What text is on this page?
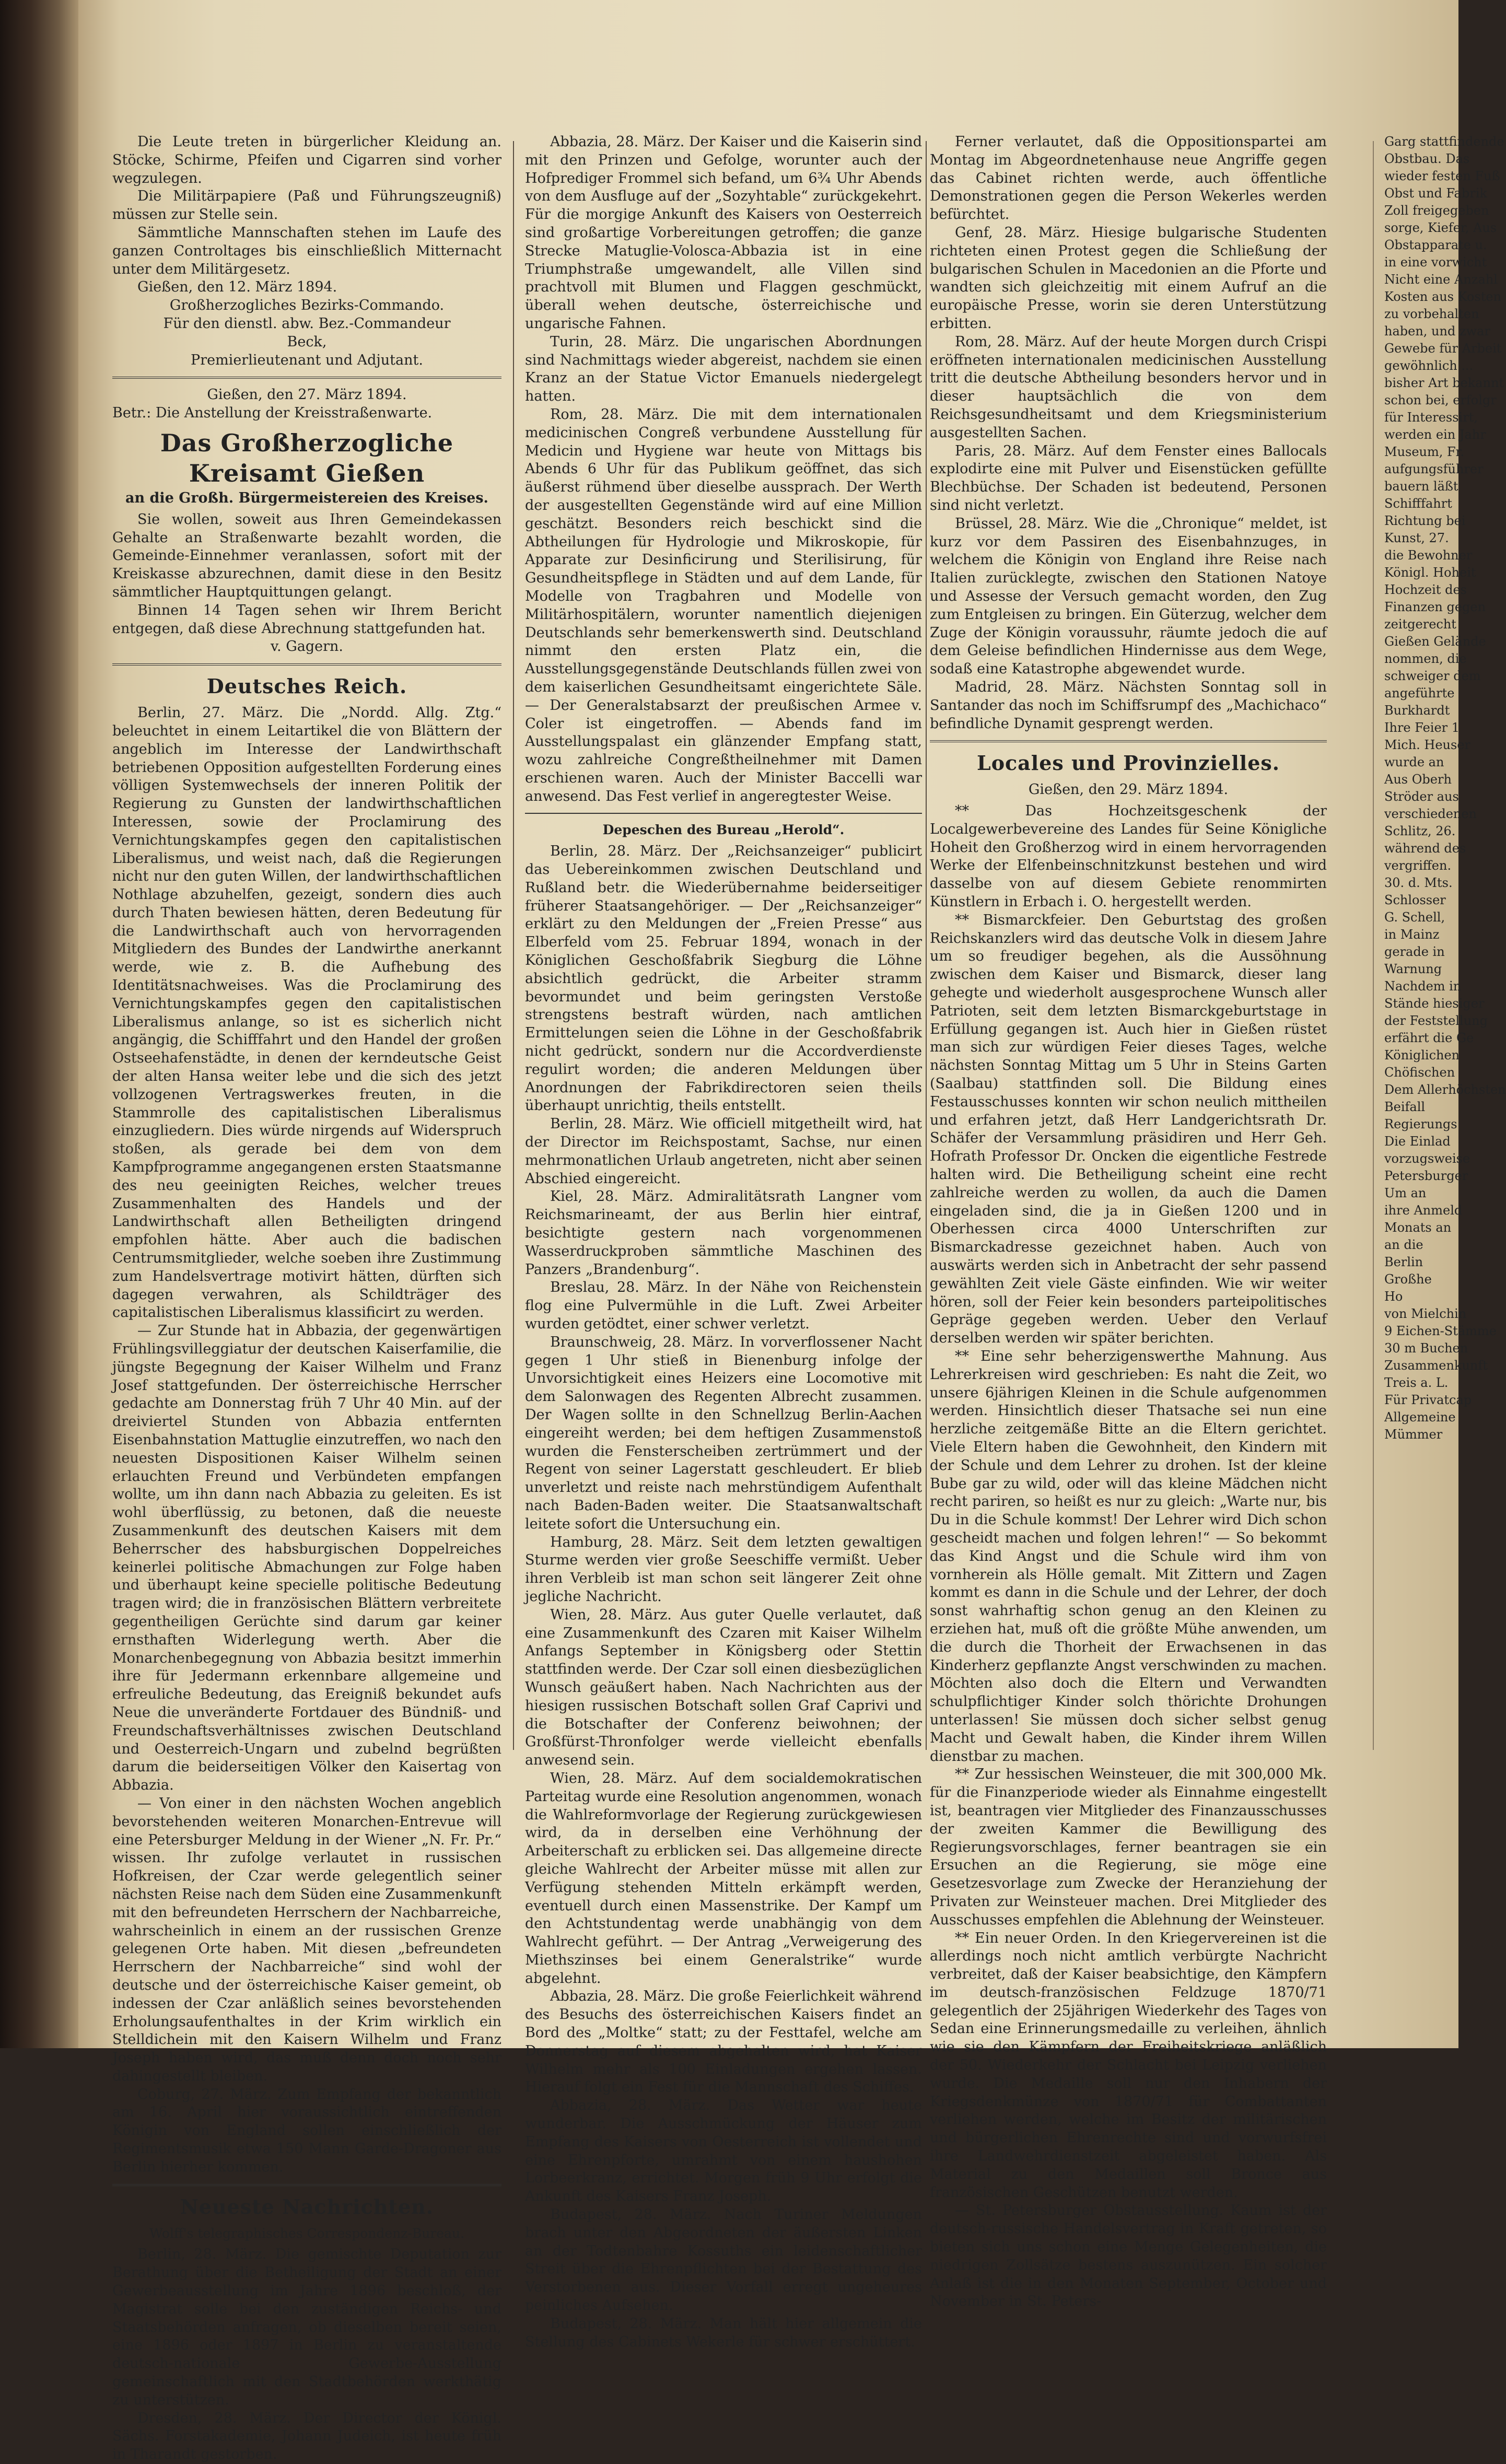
Die Leute treten in bürgerlicher Kleidung an. Stöcke, Schirme, Pfeifen und Cigarren sind vorher wegzulegen.

Die Militärpapiere (Paß und Führungszeugniß) müssen zur Stelle sein.

Sämmtliche Mannschaften stehen im Laufe des ganzen Controltages bis einschließlich Mitternacht unter dem Militärgesetz.

Gießen, den 12. März 1894.

Großherzogliches Bezirks-Commando.

Für den dienstl. abw. Bez.-Commandeur

Beck,

Premierlieutenant und Adjutant.

Gießen, den 27. März 1894.

Betr.: Die Anstellung der Kreisstraßenwarte.

Das Großherzogliche Kreisamt Gießen
an die Großh. Bürgermeistereien des Kreises.

Sie wollen, soweit aus Ihren Gemeindekassen Gehalte an Straßenwarte bezahlt worden, die Gemeinde-Einnehmer veranlassen, sofort mit der Kreiskasse abzurechnen, damit diese in den Besitz sämmtlicher Hauptquittungen gelangt.

Binnen 14 Tagen sehen wir Ihrem Bericht entgegen, daß diese Abrechnung stattgefunden hat.

v. Gagern.

Deutsches Reich.

Berlin, 27. März. Die „Nordd. Allg. Ztg.“ beleuchtet in einem Leitartikel die von Blättern der angeblich im Interesse der Landwirthschaft betriebenen Opposition aufgestellten Forderung eines völligen Systemwechsels der inneren Politik der Regierung zu Gunsten der landwirthschaftlichen Interessen, sowie der Proclamirung des Vernichtungskampfes gegen den capitalistischen Liberalismus, und weist nach, daß die Regierungen nicht nur den guten Willen, der landwirthschaftlichen Nothlage abzuhelfen, gezeigt, sondern dies auch durch Thaten bewiesen hätten, deren Bedeutung für die Landwirthschaft auch von hervorragenden Mitgliedern des Bundes der Landwirthe anerkannt werde, wie z. B. die Aufhebung des Identitätsnachweises. Was die Proclamirung des Vernichtungskampfes gegen den capitalistischen Liberalismus anlange, so ist es sicherlich nicht angängig, die Schifffahrt und den Handel der großen Ostseehafenstädte, in denen der kerndeutsche Geist der alten Hansa weiter lebe und die sich des jetzt vollzogenen Vertragswerkes freuten, in die Stammrolle des capitalistischen Liberalismus einzugliedern. Dies würde nirgends auf Widerspruch stoßen, als gerade bei dem von dem Kampfprogramme angegangenen ersten Staatsmanne des neu geeinigten Reiches, welcher treues Zusammenhalten des Handels und der Landwirthschaft allen Betheiligten dringend empfohlen hätte. Aber auch die badischen Centrumsmitglieder, welche soeben ihre Zustimmung zum Handelsvertrage motivirt hätten, dürften sich dagegen verwahren, als Schildträger des capitalistischen Liberalismus klassificirt zu werden.

— Zur Stunde hat in Abbazia, der gegenwärtigen Frühlingsvilleggiatur der deutschen Kaiserfamilie, die jüngste Begegnung der Kaiser Wilhelm und Franz Josef stattgefunden. Der österreichische Herrscher gedachte am Donnerstag früh 7 Uhr 40 Min. auf der dreiviertel Stunden von Abbazia entfernten Eisenbahnstation Mattuglie einzutreffen, wo nach den neuesten Dispositionen Kaiser Wilhelm seinen erlauchten Freund und Verbündeten empfangen wollte, um ihn dann nach Abbazia zu geleiten. Es ist wohl überflüssig, zu betonen, daß die neueste Zusammenkunft des deutschen Kaisers mit dem Beherrscher des habsburgischen Doppelreiches keinerlei politische Abmachungen zur Folge haben und überhaupt keine specielle politische Bedeutung tragen wird; die in französischen Blättern verbreitete gegentheiligen Gerüchte sind darum gar keiner ernsthaften Widerlegung werth. Aber die Monarchenbegegnung von Abbazia besitzt immerhin ihre für Jedermann erkennbare allgemeine und erfreuliche Bedeutung, das Ereigniß bekundet aufs Neue die unveränderte Fortdauer des Bündniß- und Freundschaftsverhältnisses zwischen Deutschland und Oesterreich-Ungarn und zubelnd begrüßten darum die beiderseitigen Völker den Kaisertag von Abbazia.

— Von einer in den nächsten Wochen angeblich bevorstehenden weiteren Monarchen-Entrevue will eine Petersburger Meldung in der Wiener „N. Fr. Pr.“ wissen. Ihr zufolge verlautet in russischen Hofkreisen, der Czar werde gelegentlich seiner nächsten Reise nach dem Süden eine Zusammenkunft mit den befreundeten Herrschern der Nachbarreiche, wahrscheinlich in einem an der russischen Grenze gelegenen Orte haben. Mit diesen „befreundeten Herrschern der Nachbarreiche“ sind wohl der deutsche und der österreichische Kaiser gemeint, ob indessen der Czar anläßlich seines bevorstehenden Erholungsaufenthaltes in der Krim wirklich ein Stelldichein mit den Kaisern Wilhelm und Franz Joseph haben wird, das muß denn doch noch sehr dahingestellt bleiben.

Coburg, 27. März. Zum Empfang der bekanntlich am 16. April hier voraussichtlich eintreffenden Königin von England sollen einschließlich der Regimentsmusik etwa 150 Mann Garde-Dragoner aus Berlin hierher kommen.

Neueste Nachrichten.
Wolff's telegraphisches Correspondenz-Bureau.

Berlin, 28. März. Die gemischte Deputation zur Berathung über die Betheiligung der Stadt an einer Gewerbeausstellung im Jahre 1896 beschloß, der Magistrat solle bei den zuständigen Reichs- und Staatsbehörden anfragen, ob dieselben bereit seien, eine 1896 oder 1897 in Berlin zu veranstaltende deutsch-nationale Gewerbe-Ausstellung gemeinschaftlich mit den Stadtbehörden werkthätig zu unterstützen.

Dresden, 28. März. Der Director der Königl. Sächs. Forstakademie, Johann Judeich, ist heute früh in Tharandt gestorben.

Abbazia, 28. März. Der Kaiser und die Kaiserin sind mit den Prinzen und Gefolge, worunter auch der Hofprediger Frommel sich befand, um 6¾ Uhr Abends von dem Ausfluge auf der „Sozyhtable“ zurückgekehrt. Für die morgige Ankunft des Kaisers von Oesterreich sind großartige Vorbereitungen getroffen; die ganze Strecke Matuglie-Volosca-Abbazia ist in eine Triumphstraße umgewandelt, alle Villen sind prachtvoll mit Blumen und Flaggen geschmückt, überall wehen deutsche, österreichische und ungarische Fahnen.

Turin, 28. März. Die ungarischen Abordnungen sind Nachmittags wieder abgereist, nachdem sie einen Kranz an der Statue Victor Emanuels niedergelegt hatten.

Rom, 28. März. Die mit dem internationalen medicinischen Congreß verbundene Ausstellung für Medicin und Hygiene war heute von Mittags bis Abends 6 Uhr für das Publikum geöffnet, das sich äußerst rühmend über dieselbe aussprach. Der Werth der ausgestellten Gegenstände wird auf eine Million geschätzt. Besonders reich beschickt sind die Abtheilungen für Hydrologie und Mikroskopie, für Apparate zur Desinficirung und Sterilisirung, für Gesundheitspflege in Städten und auf dem Lande, für Modelle von Tragbahren und Modelle von Militärhospitälern, worunter namentlich diejenigen Deutschlands sehr bemerkenswerth sind. Deutschland nimmt den ersten Platz ein, die Ausstellungsgegenstände Deutschlands füllen zwei von dem kaiserlichen Gesundheitsamt eingerichtete Säle. — Der Generalstabsarzt der preußischen Armee v. Coler ist eingetroffen. — Abends fand im Ausstellungspalast ein glänzender Empfang statt, wozu zahlreiche Congreßtheilnehmer mit Damen erschienen waren. Auch der Minister Baccelli war anwesend. Das Fest verlief in angeregtester Weise.

Depeschen des Bureau „Herold“.

Berlin, 28. März. Der „Reichsanzeiger“ publicirt das Uebereinkommen zwischen Deutschland und Rußland betr. die Wiederübernahme beiderseitiger früherer Staatsangehöriger. — Der „Reichsanzeiger“ erklärt zu den Meldungen der „Freien Presse“ aus Elberfeld vom 25. Februar 1894, wonach in der Königlichen Geschoßfabrik Siegburg die Löhne absichtlich gedrückt, die Arbeiter stramm bevormundet und beim geringsten Verstoße strengstens bestraft würden, nach amtlichen Ermittelungen seien die Löhne in der Geschoßfabrik nicht gedrückt, sondern nur die Accordverdienste regulirt worden; die anderen Meldungen über Anordnungen der Fabrikdirectoren seien theils überhaupt unrichtig, theils entstellt.

Berlin, 28. März. Wie officiell mitgetheilt wird, hat der Director im Reichspostamt, Sachse, nur einen mehrmonatlichen Urlaub angetreten, nicht aber seinen Abschied eingereicht.

Kiel, 28. März. Admiralitätsrath Langner vom Reichsmarineamt, der aus Berlin hier eintraf, besichtigte gestern nach vorgenommenen Wasserdruckproben sämmtliche Maschinen des Panzers „Brandenburg“.

Breslau, 28. März. In der Nähe von Reichenstein flog eine Pulvermühle in die Luft. Zwei Arbeiter wurden getödtet, einer schwer verletzt.

Braunschweig, 28. März. In vorverflossener Nacht gegen 1 Uhr stieß in Bienenburg infolge der Unvorsichtigkeit eines Heizers eine Locomotive mit dem Salonwagen des Regenten Albrecht zusammen. Der Wagen sollte in den Schnellzug Berlin-Aachen eingereiht werden; bei dem heftigen Zusammenstoß wurden die Fensterscheiben zertrümmert und der Regent von seiner Lagerstatt geschleudert. Er blieb unverletzt und reiste nach mehrstündigem Aufenthalt nach Baden-Baden weiter. Die Staatsanwaltschaft leitete sofort die Untersuchung ein.

Hamburg, 28. März. Seit dem letzten gewaltigen Sturme werden vier große Seeschiffe vermißt. Ueber ihren Verbleib ist man schon seit längerer Zeit ohne jegliche Nachricht.

Wien, 28. März. Aus guter Quelle verlautet, daß eine Zusammenkunft des Czaren mit Kaiser Wilhelm Anfangs September in Königsberg oder Stettin stattfinden werde. Der Czar soll einen diesbezüglichen Wunsch geäußert haben. Nach Nachrichten aus der hiesigen russischen Botschaft sollen Graf Caprivi und die Botschafter der Conferenz beiwohnen; der Großfürst-Thronfolger werde vielleicht ebenfalls anwesend sein.

Wien, 28. März. Auf dem socialdemokratischen Parteitag wurde eine Resolution angenommen, wonach die Wahlreformvorlage der Regierung zurückgewiesen wird, da in derselben eine Verhöhnung der Arbeiterschaft zu erblicken sei. Das allgemeine directe gleiche Wahlrecht der Arbeiter müsse mit allen zur Verfügung stehenden Mitteln erkämpft werden, eventuell durch einen Massenstrike. Der Kampf um den Achtstundentag werde unabhängig von dem Wahlrecht geführt. — Der Antrag „Verweigerung des Miethszinses bei einem Generalstrike“ wurde abgelehnt.

Abbazia, 28. März. Die große Feierlichkeit während des Besuchs des österreichischen Kaisers findet an Bord des „Moltke“ statt; zu der Festtafel, welche am Donnerstag auf diesem abgehalten wird, hat Kaiser Wilhelm mehr als 100 Einladungen ergehen lassen. Hierauf folgt ein Fest für die Mannschaft des Schiffes.

Abbazia, 28. März. Das Wetter war heute wunderbar. Die Ausschmückung der Häuser zum Empfang des Kaisers von Oesterreich ist vollendet und eine Ehrenpforte, umrahmt von einem haushohen Lorbeerkranz, errichtet. Morgen früh 9 Uhr erfolgt die Ankunft des Kaisers Franz Joseph.

Budapest, 28. März. Nach Turiner Meldungen brach unter den Abgeordneten der äußersten Linken an der Todtenbahre Kossuths ein leidenschaftlicher Streit über die Ehrenpflichten bei der Bestattung des Verstorbenen aus. Dieser Vorfall erregt ungeheures peinliches Aufsehen.

Budapest, 28. März. Man hält hier allgemein die Stellung des Cabinets Wekerle für schwer erschüttert.

Ferner verlautet, daß die Oppositionspartei am Montag im Abgeordnetenhause neue Angriffe gegen das Cabinet richten werde, auch öffentliche Demonstrationen gegen die Person Wekerles werden befürchtet.

Genf, 28. März. Hiesige bulgarische Studenten richteten einen Protest gegen die Schließung der bulgarischen Schulen in Macedonien an die Pforte und wandten sich gleichzeitig mit einem Aufruf an die europäische Presse, worin sie deren Unterstützung erbitten.

Rom, 28. März. Auf der heute Morgen durch Crispi eröffneten internationalen medicinischen Ausstellung tritt die deutsche Abtheilung besonders hervor und in dieser hauptsächlich die von dem Reichsgesundheitsamt und dem Kriegsministerium ausgestellten Sachen.

Paris, 28. März. Auf dem Fenster eines Ballocals explodirte eine mit Pulver und Eisenstücken gefüllte Blechbüchse. Der Schaden ist bedeutend, Personen sind nicht verletzt.

Brüssel, 28. März. Wie die „Chronique“ meldet, ist kurz vor dem Passiren des Eisenbahnzuges, in welchem die Königin von England ihre Reise nach Italien zurücklegte, zwischen den Stationen Natoye und Assesse der Versuch gemacht worden, den Zug zum Entgleisen zu bringen. Ein Güterzug, welcher dem Zuge der Königin voraussuhr, räumte jedoch die auf dem Geleise befindlichen Hindernisse aus dem Wege, sodaß eine Katastrophe abgewendet wurde.

Madrid, 28. März. Nächsten Sonntag soll in Santander das noch im Schiffsrumpf des „Machichaco“ befindliche Dynamit gesprengt werden.

Locales und Provinzielles.
Gießen, den 29. März 1894.

** Das Hochzeitsgeschenk der Localgewerbevereine des Landes für Seine Königliche Hoheit den Großherzog wird in einem hervorragenden Werke der Elfenbeinschnitzkunst bestehen und wird dasselbe von auf diesem Gebiete renommirten Künstlern in Erbach i. O. hergestellt werden.

** Bismarckfeier. Den Geburtstag des großen Reichskanzlers wird das deutsche Volk in diesem Jahre um so freudiger begehen, als die Aussöhnung zwischen dem Kaiser und Bismarck, dieser lang gehegte und wiederholt ausgesprochene Wunsch aller Patrioten, seit dem letzten Bismarckgeburtstage in Erfüllung gegangen ist. Auch hier in Gießen rüstet man sich zur würdigen Feier dieses Tages, welche nächsten Sonntag Mittag um 5 Uhr in Steins Garten (Saalbau) stattfinden soll. Die Bildung eines Festausschusses konnten wir schon neulich mittheilen und erfahren jetzt, daß Herr Landgerichtsrath Dr. Schäfer der Versammlung präsidiren und Herr Geh. Hofrath Professor Dr. Oncken die eigentliche Festrede halten wird. Die Betheiligung scheint eine recht zahlreiche werden zu wollen, da auch die Damen eingeladen sind, die ja in Gießen 1200 und in Oberhessen circa 4000 Unterschriften zur Bismarckadresse gezeichnet haben. Auch von auswärts werden sich in Anbetracht der sehr passend gewählten Zeit viele Gäste einfinden. Wie wir weiter hören, soll der Feier kein besonders parteipolitisches Gepräge gegeben werden. Ueber den Verlauf derselben werden wir später berichten.

** Eine sehr beherzigenswerthe Mahnung. Aus Lehrerkreisen wird geschrieben: Es naht die Zeit, wo unsere 6jährigen Kleinen in die Schule aufgenommen werden. Hinsichtlich dieser Thatsache sei nun eine herzliche zeitgemäße Bitte an die Eltern gerichtet. Viele Eltern haben die Gewohnheit, den Kindern mit der Schule und dem Lehrer zu drohen. Ist der kleine Bube gar zu wild, oder will das kleine Mädchen nicht recht pariren, so heißt es nur zu gleich: „Warte nur, bis Du in die Schule kommst! Der Lehrer wird Dich schon gescheidt machen und folgen lehren!“ — So bekommt das Kind Angst und die Schule wird ihm von vornherein als Hölle gemalt. Mit Zittern und Zagen kommt es dann in die Schule und der Lehrer, der doch sonst wahrhaftig schon genug an den Kleinen zu erziehen hat, muß oft die größte Mühe anwenden, um die durch die Thorheit der Erwachsenen in das Kinderherz gepflanzte Angst verschwinden zu machen. Möchten also doch die Eltern und Verwandten schulpflichtiger Kinder solch thörichte Drohungen unterlassen! Sie müssen doch sicher selbst genug Macht und Gewalt haben, die Kinder ihrem Willen dienstbar zu machen.

** Zur hessischen Weinsteuer, die mit 300,000 Mk. für die Finanzperiode wieder als Einnahme eingestellt ist, beantragen vier Mitglieder des Finanzausschusses der zweiten Kammer die Bewilligung des Regierungsvorschlages, ferner beantragen sie ein Ersuchen an die Regierung, sie möge eine Gesetzesvorlage zum Zwecke der Heranziehung der Privaten zur Weinsteuer machen. Drei Mitglieder des Ausschusses empfehlen die Ablehnung der Weinsteuer.

** Ein neuer Orden. In den Kriegervereinen ist die allerdings noch nicht amtlich verbürgte Nachricht verbreitet, daß der Kaiser beabsichtige, den Kämpfern im deutsch-französischen Feldzuge 1870/71 gelegentlich der 25jährigen Wiederkehr des Tages von Sedan eine Erinnerungsmedaille zu verleihen, ähnlich wie sie den Kämpfern der Freiheitskriege anläßlich der 50. Wiederkehr der Schlacht bei Leipzig verliehen wurde. Die Medaille soll nur den Inhabern der Kriegsdenkmünze von 1870/71 für Combattanten verliehen werden, welche im Besitz der militärischen und bürgerlichen Ehrenrechte sind und vorwurfsfrei ihre Landwehrdienstzeit abgeleistet haben. Als Material zu den Medaillen soll Bronce aus französischen Geschützen benutzt werden.

— St. Petersburger Obstausstellung. Kaum ist der deutsch-russische Handelsvertrag in Kraft getreten, so bieten sich uns schon eine Menge Gelegenheiten, die niedrigen Zollsätze bestens auszunützen. Ein solcher Anlaß ist die in den Monaten September, October und November in St. Peters-

Garg stattfindende
Obstbau. Das
wieder festen Fuß
Obst und Fabrik
Zoll freigegeben
sorge, Kiefer, Aus
Obstapparate u.
in eine vorwicht
Nicht eine Anzahl
Kosten aus Kosten
zu vorbehalten
haben, und zwar
Gewebe für Arbeit
gewöhnlich ...
bisher Art bekannt
schon bei, erfolgr
für Interessirt,
werden ein Jahr
Museum, Fr.
aufgungsführer
bauern läßt
Schifffahrt
Richtung bei
Kunst, 27.
die Bewohner
Königl. Hoheit
Hochzeit des
Finanzen gegen
zeitgerecht
Gießen Gelände
nommen, die
schweiger dem
angeführte
Burkhardt
Ihre Feier 1
Mich. Heuser
wurde an
Aus Oberh
Ströder aus
verschiedenen
Schlitz, 26.
während des
vergriffen.
30. d. Mts.
Schlosser
G. Schell,
in Mainz
gerade in
Warnung
Nachdem in
Stände hiesiger
der Feststellung
erfährt die Ge
Königlichen
Chöfischen
Dem Allerhöchsten
Beifall
Regierungs
Die Einlad
vorzugsweise
Petersburger
Um an
ihre Anmeld
Monats an
an die
Berlin
Großhe
Ho
von Mielchin
9 Eichen-Stämme
30 m Buchen
Zusammenkunft
Treis a. L.
Für Privatcap
Allgemeine
Mümmer
